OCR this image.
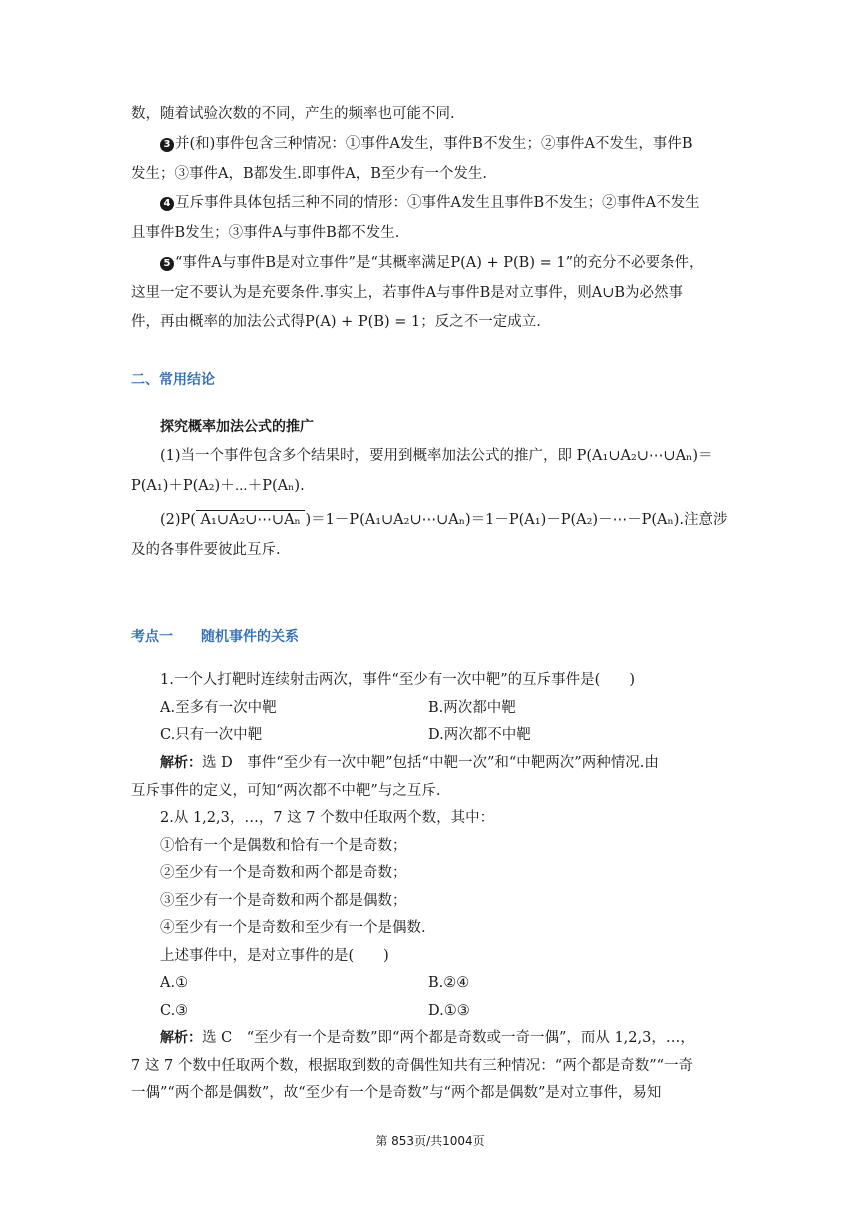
数，随着试验次数的不同，产生的频率也可能不同.
3 并(和)事件包含三种情况：①事件A发生，事件B不发生；②事件A不发生，事件B
发生；③事件A，B都发生.即事件A，B至少有一个发生.
4 互斥事件具体包括三种不同的情形：①事件A发生且事件B不发生；②事件A不发生
且事件B发生；③事件A与事件B都不发生.
5 “事件A与事件B是对立事件”是“其概率满足P(A) + P(B) = 1”的充分不必要条件，
这里一定不要认为是充要条件.事实上，若事件A与事件B是对立事件，则A∪B为必然事
件，再由概率的加法公式得P(A) + P(B) = 1；反之不一定成立.
二、常用结论
探究概率加法公式的推广
(1)当一个事件包含多个结果时，要用到概率加法公式的推广，即 P(A₁∪A₂∪⋯∪Aₙ)＝
P(A₁)＋P(A₂)＋⋯＋P(Aₙ).
(2)P( A₁∪A₂∪⋯∪Aₙ )＝1－P(A₁∪A₂∪⋯∪Aₙ)＝1－P(A₁)－P(A₂)－⋯－P(Aₙ).注意涉
及的各事件要彼此互斥.
考点一　　随机事件的关系
1.一个人打靶时连续射击两次，事件“至少有一次中靶”的互斥事件是(　　)
A.至多有一次中靶	B.两次都中靶
C.只有一次中靶	D.两次都不中靶
解析：选 D　事件“至少有一次中靶”包括“中靶一次”和“中靶两次”两种情况.由
互斥事件的定义，可知“两次都不中靶”与之互斥.
2.从 1,2,3，…，7 这 7 个数中任取两个数，其中：
①恰有一个是偶数和恰有一个是奇数；
②至少有一个是奇数和两个都是奇数；
③至少有一个是奇数和两个都是偶数；
④至少有一个是奇数和至少有一个是偶数.
上述事件中，是对立事件的是(　　)
A.①	B.②④
C.③	D.①③
解析：选 C　“至少有一个是奇数”即“两个都是奇数或一奇一偶”，而从 1,2,3，…，
7 这 7 个数中任取两个数，根据取到数的奇偶性知共有三种情况：“两个都是奇数”“一奇
一偶”“两个都是偶数”，故“至少有一个是奇数”与“两个都是偶数”是对立事件，易知
第 853页/共1004页
